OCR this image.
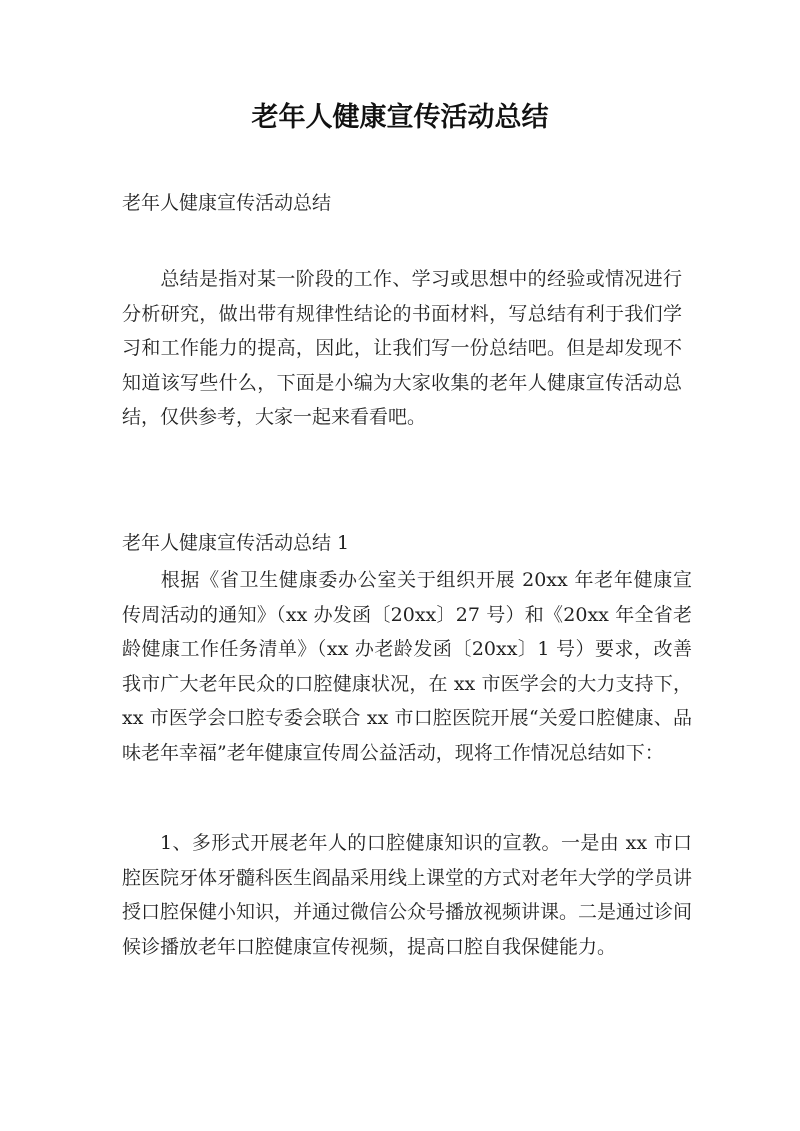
老年人健康宣传活动总结

老年人健康宣传活动总结

总结是指对某一阶段的工作、学习或思想中的经验或情况进行分析研究，做出带有规律性结论的书面材料，写总结有利于我们学习和工作能力的提高，因此，让我们写一份总结吧。但是却发现不知道该写些什么，下面是小编为大家收集的老年人健康宣传活动总结，仅供参考，大家一起来看看吧。

老年人健康宣传活动总结 1

根据《省卫生健康委办公室关于组织开展 20xx 年老年健康宣传周活动的通知》（xx 办发函〔20xx〕27 号）和《20xx 年全省老龄健康工作任务清单》（xx 办老龄发函〔20xx〕1 号）要求，改善我市广大老年民众的口腔健康状况，在 xx 市医学会的大力支持下，xx 市医学会口腔专委会联合 xx 市口腔医院开展“关爱口腔健康、品味老年幸福”老年健康宣传周公益活动，现将工作情况总结如下：

1、多形式开展老年人的口腔健康知识的宣教。一是由 xx 市口腔医院牙体牙髓科医生阎晶采用线上课堂的方式对老年大学的学员讲授口腔保健小知识，并通过微信公众号播放视频讲课。二是通过诊间候诊播放老年口腔健康宣传视频，提高口腔自我保健能力。
